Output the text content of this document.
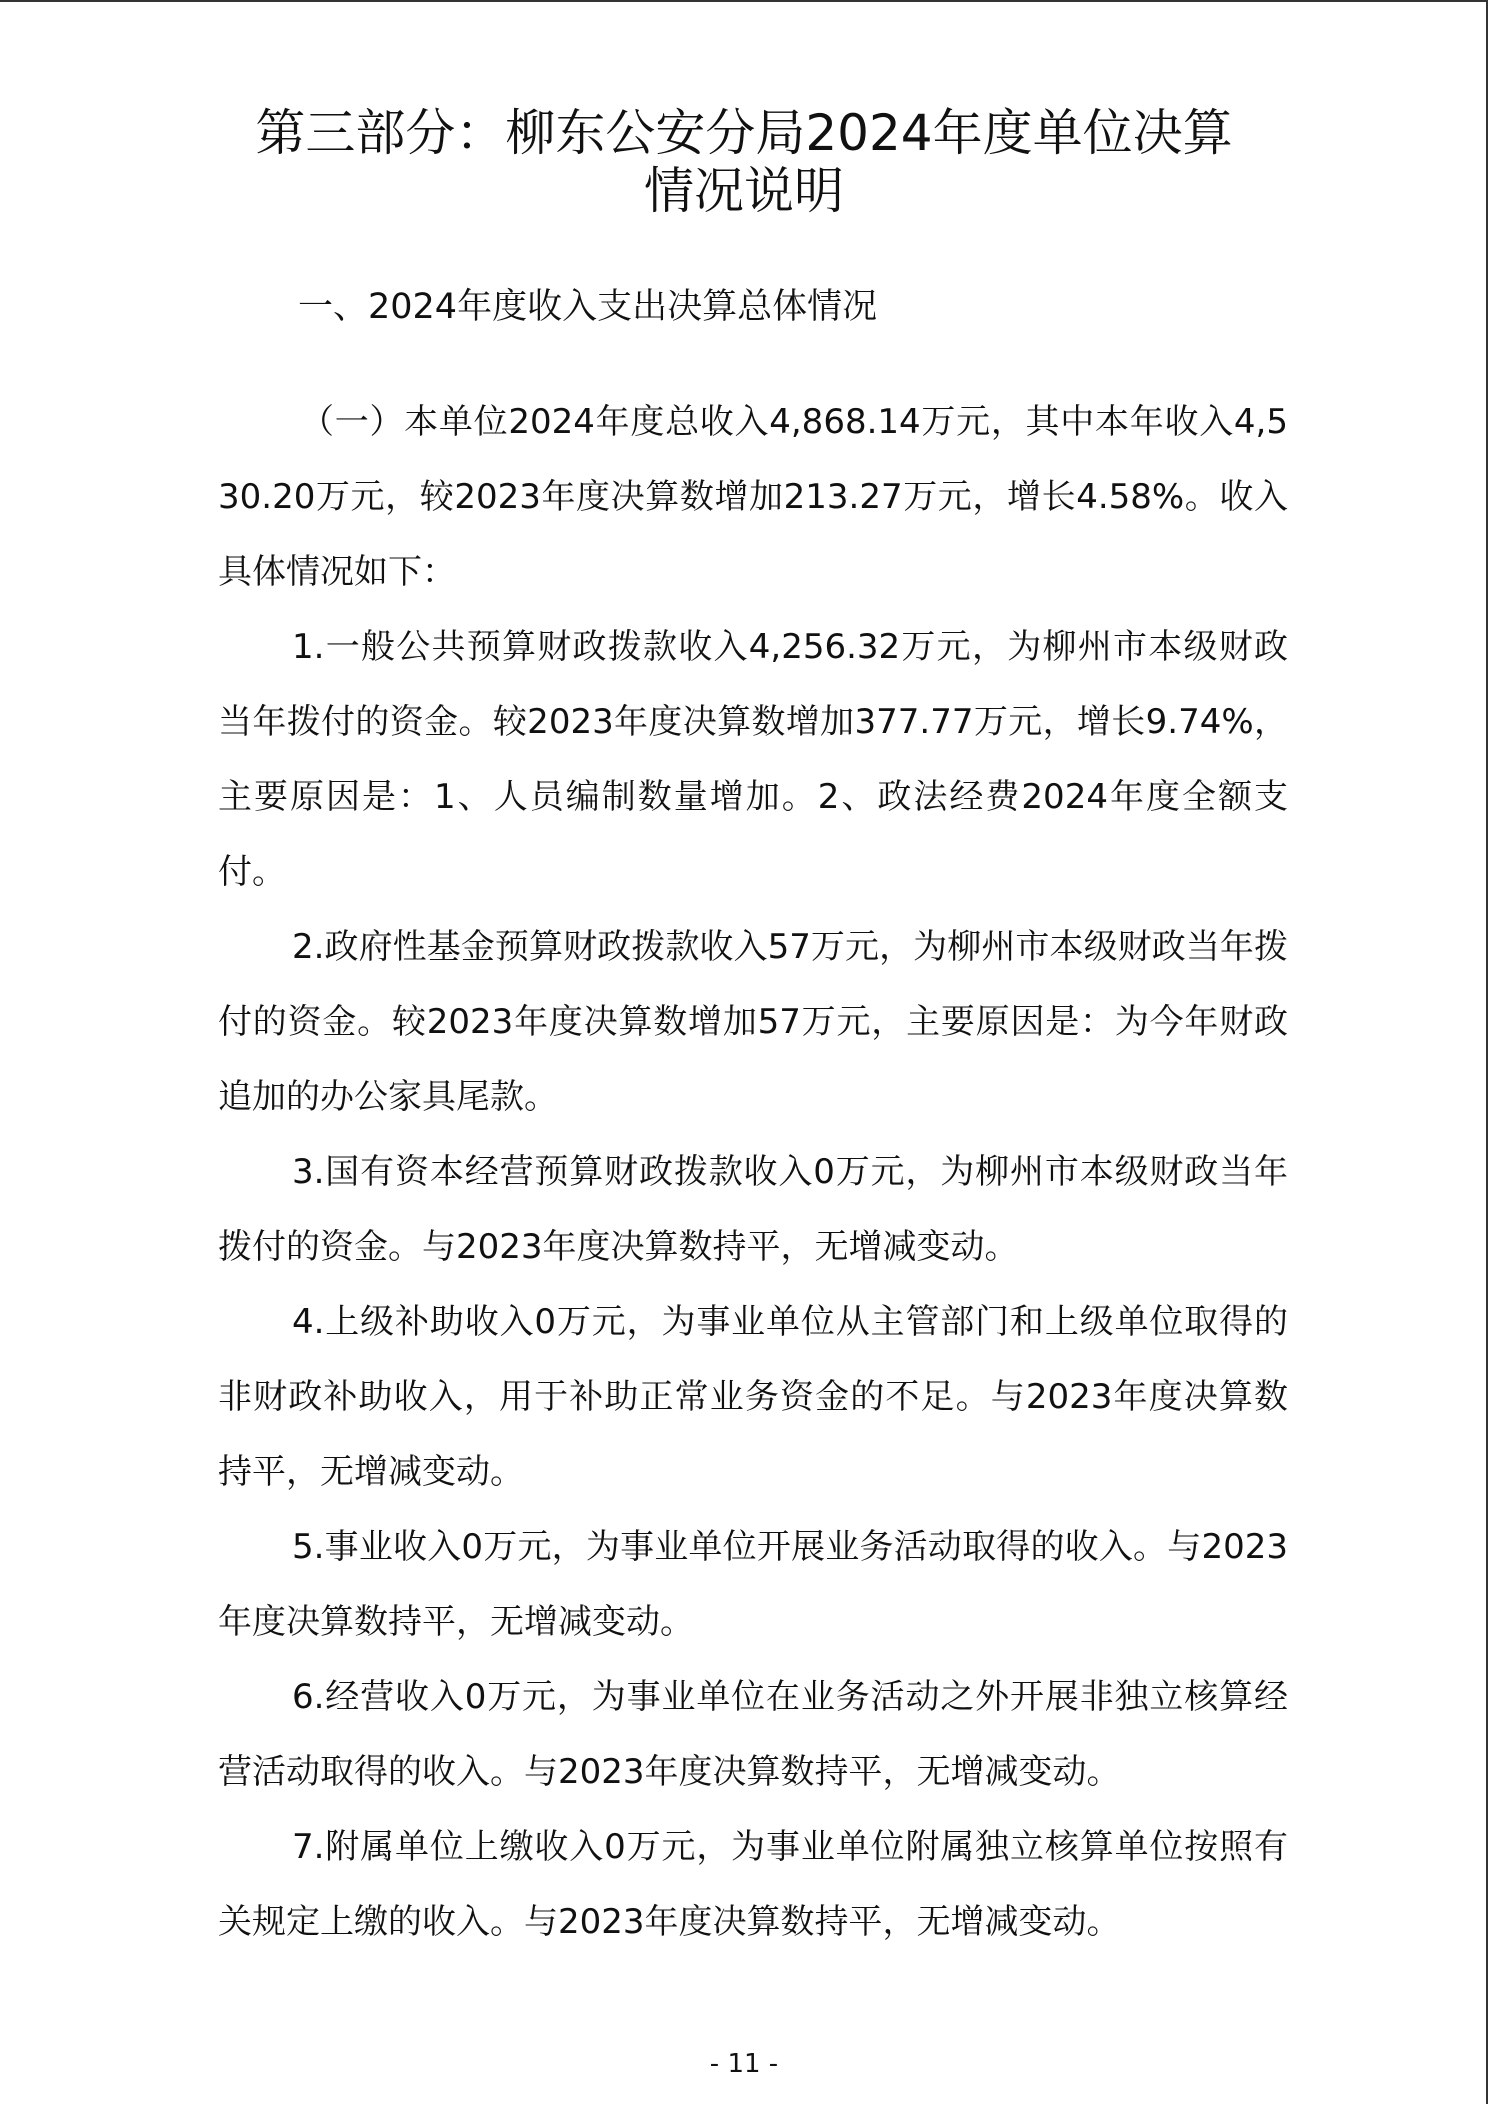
第三部分：柳东公安分局2024年度单位决算
情况说明
一、2024年度收入支出决算总体情况

（一）本单位2024年度总收入4,868.14万元，其中本年收入4,530.20万元，较2023年度决算数增加213.27万元，增长4.58%。收入具体情况如下：

1.一般公共预算财政拨款收入4,256.32万元，为柳州市本级财政当年拨付的资金。较2023年度决算数增加377.77万元，增长9.74%，主要原因是：1、人员编制数量增加。2、政法经费2024年度全额支付。

2.政府性基金预算财政拨款收入57万元，为柳州市本级财政当年拨付的资金。较2023年度决算数增加57万元，主要原因是：为今年财政追加的办公家具尾款。

3.国有资本经营预算财政拨款收入0万元，为柳州市本级财政当年拨付的资金。与2023年度决算数持平，无增减变动。

4.上级补助收入0万元，为事业单位从主管部门和上级单位取得的非财政补助收入，用于补助正常业务资金的不足。与2023年度决算数持平，无增减变动。

5.事业收入0万元，为事业单位开展业务活动取得的收入。与2023年度决算数持平，无增减变动。

6.经营收入0万元，为事业单位在业务活动之外开展非独立核算经营活动取得的收入。与2023年度决算数持平，无增减变动。

7.附属单位上缴收入0万元，为事业单位附属独立核算单位按照有关规定上缴的收入。与2023年度决算数持平，无增减变动。

- 11 -
